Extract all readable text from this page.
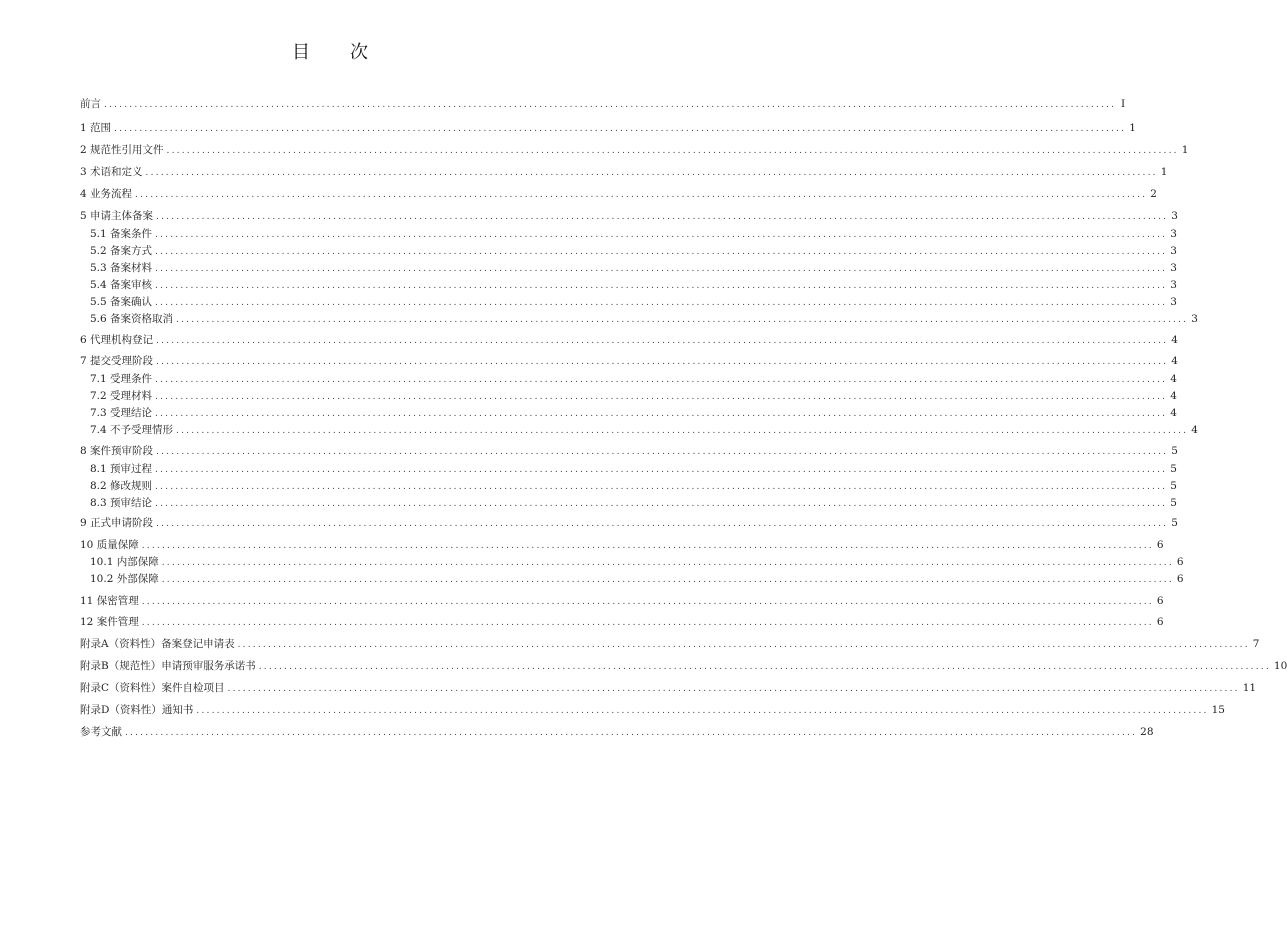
目 次
前言 ........................................................................................................................................................................................................ I
1 范围 ........................................................................................................................................................................................................ 1
2 规范性引用文件 ........................................................................................................................................................................................................ 1
3 术语和定义 ........................................................................................................................................................................................................ 1
4 业务流程 ........................................................................................................................................................................................................ 2
5 申请主体备案 ........................................................................................................................................................................................................ 3
5.1 备案条件 ........................................................................................................................................................................................................ 3
5.2 备案方式 ........................................................................................................................................................................................................ 3
5.3 备案材料 ........................................................................................................................................................................................................ 3
5.4 备案审核 ........................................................................................................................................................................................................ 3
5.5 备案确认 ........................................................................................................................................................................................................ 3
5.6 备案资格取消 ........................................................................................................................................................................................................ 3
6 代理机构登记 ........................................................................................................................................................................................................ 4
7 提交受理阶段 ........................................................................................................................................................................................................ 4
7.1 受理条件 ........................................................................................................................................................................................................ 4
7.2 受理材料 ........................................................................................................................................................................................................ 4
7.3 受理结论 ........................................................................................................................................................................................................ 4
7.4 不予受理情形 ........................................................................................................................................................................................................ 4
8 案件预审阶段 ........................................................................................................................................................................................................ 5
8.1 预审过程 ........................................................................................................................................................................................................ 5
8.2 修改规则 ........................................................................................................................................................................................................ 5
8.3 预审结论 ........................................................................................................................................................................................................ 5
9 正式申请阶段 ........................................................................................................................................................................................................ 5
10 质量保障 ........................................................................................................................................................................................................ 6
10.1 内部保障 ........................................................................................................................................................................................................ 6
10.2 外部保障 ........................................................................................................................................................................................................ 6
11 保密管理 ........................................................................................................................................................................................................ 6
12 案件管理 ........................................................................................................................................................................................................ 6
附录A（资料性）备案登记申请表 ........................................................................................................................................................................................................ 7
附录B（规范性）申请预审服务承诺书 ........................................................................................................................................................................................................ 10
附录C（资料性）案件自检项目 ........................................................................................................................................................................................................ 11
附录D（资料性）通知书 ........................................................................................................................................................................................................ 15
参考文献 ........................................................................................................................................................................................................ 28
